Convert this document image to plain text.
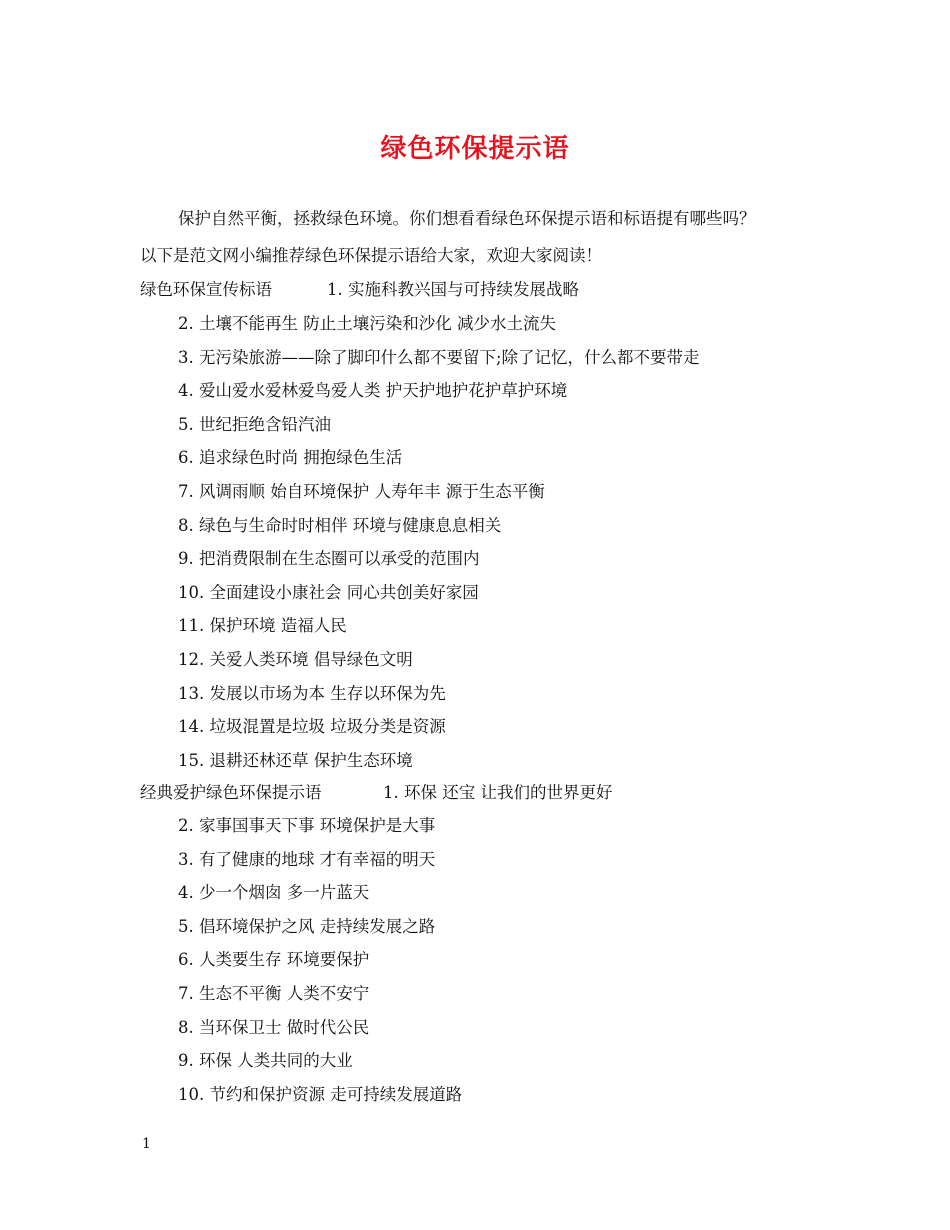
绿色环保提示语
保护自然平衡，拯救绿色环境。你们想看看绿色环保提示语和标语提有哪些吗？
以下是范文网小编推荐绿色环保提示语给大家，欢迎大家阅读！
绿色环保宣传标语	1. 实施科教兴国与可持续发展战略
2. 土壤不能再生 防止土壤污染和沙化 减少水土流失
3. 无污染旅游——除了脚印什么都不要留下;除了记忆，什么都不要带走
4. 爱山爱水爱林爱鸟爱人类 护天护地护花护草护环境
5. 世纪拒绝含铅汽油
6. 追求绿色时尚 拥抱绿色生活
7. 风调雨顺 始自环境保护 人寿年丰 源于生态平衡
8. 绿色与生命时时相伴 环境与健康息息相关
9. 把消费限制在生态圈可以承受的范围内
10. 全面建设小康社会 同心共创美好家园
11. 保护环境 造福人民
12. 关爱人类环境 倡导绿色文明
13. 发展以市场为本 生存以环保为先
14. 垃圾混置是垃圾 垃圾分类是资源
15. 退耕还林还草 保护生态环境
经典爱护绿色环保提示语	1. 环保 还宝 让我们的世界更好
2. 家事国事天下事 环境保护是大事
3. 有了健康的地球 才有幸福的明天
4. 少一个烟囱 多一片蓝天
5. 倡环境保护之风 走持续发展之路
6. 人类要生存 环境要保护
7. 生态不平衡 人类不安宁
8. 当环保卫士 做时代公民
9. 环保 人类共同的大业
10. 节约和保护资源 走可持续发展道路
1
